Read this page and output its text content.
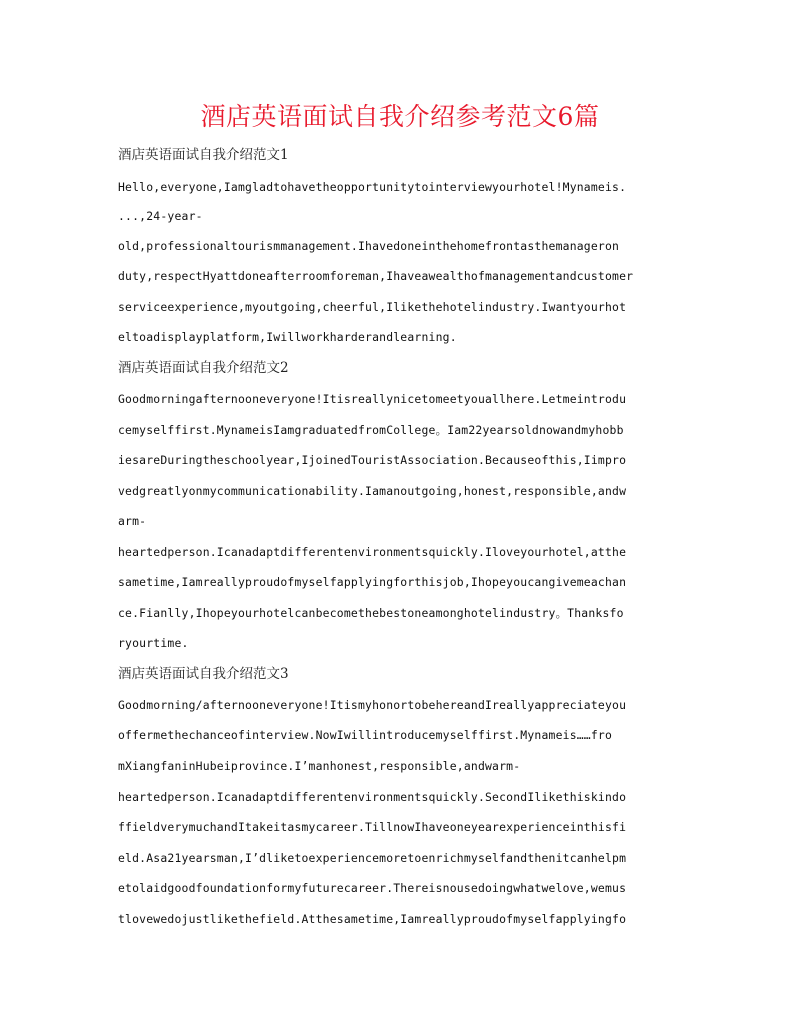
酒店英语面试自我介绍参考范文6篇
酒店英语面试自我介绍范文1
Hello,everyone,Iamgladtohavetheopportunitytointerviewyourhotel!Mynameis.
...,24-year-
old,professionaltourismmanagement.Ihavedoneinthehomefrontasthemanageron
duty,respectHyattdoneafterroomforeman,Ihaveawealthofmanagementandcustomer
serviceexperience,myoutgoing,cheerful,Ilikethehotelindustry.Iwantyourhot
eltoadisplayplatform,Iwillworkharderandlearning.
酒店英语面试自我介绍范文2
Goodmorningafternooneveryone!Itisreallynicetomeetyouallhere.Letmeintrodu
cemyselffirst.MynameisIamgraduatedfromCollege。Iam22yearsoldnowandmyhobb
iesareDuringtheschoolyear,IjoinedTouristAssociation.Becauseofthis,Iimpro
vedgreatlyonmycommunicationability.Iamanoutgoing,honest,responsible,andw
arm-
heartedperson.Icanadaptdifferentenvironmentsquickly.Iloveyourhotel,atthe
sametime,Iamreallyproudofmyselfapplyingforthisjob,Ihopeyoucangivemeachan
ce.Fianlly,Ihopeyourhotelcanbecomethebestoneamonghotelindustry。Thanksfo
ryourtime.
酒店英语面试自我介绍范文3
Goodmorning/afternooneveryone!ItismyhonortobehereandIreallyappreciateyou
offermethechanceofinterview.NowIwillintroducemyselffirst.Mynameis……fro
mXiangfaninHubeiprovince.I’manhonest,responsible,andwarm-
heartedperson.Icanadaptdifferentenvironmentsquickly.SecondIlikethiskindo
ffieldverymuchandItakeitasmycareer.TillnowIhaveoneyearexperienceinthisfi
eld.Asa21yearsman,I’dliketoexperiencemoretoenrichmyselfandthenitcanhelpm
etolaidgoodfoundationformyfuturecareer.Thereisnousedoingwhatwelove,wemus
tlovewedojustlikethefield.Atthesametime,Iamreallyproudofmyselfapplyingfo
